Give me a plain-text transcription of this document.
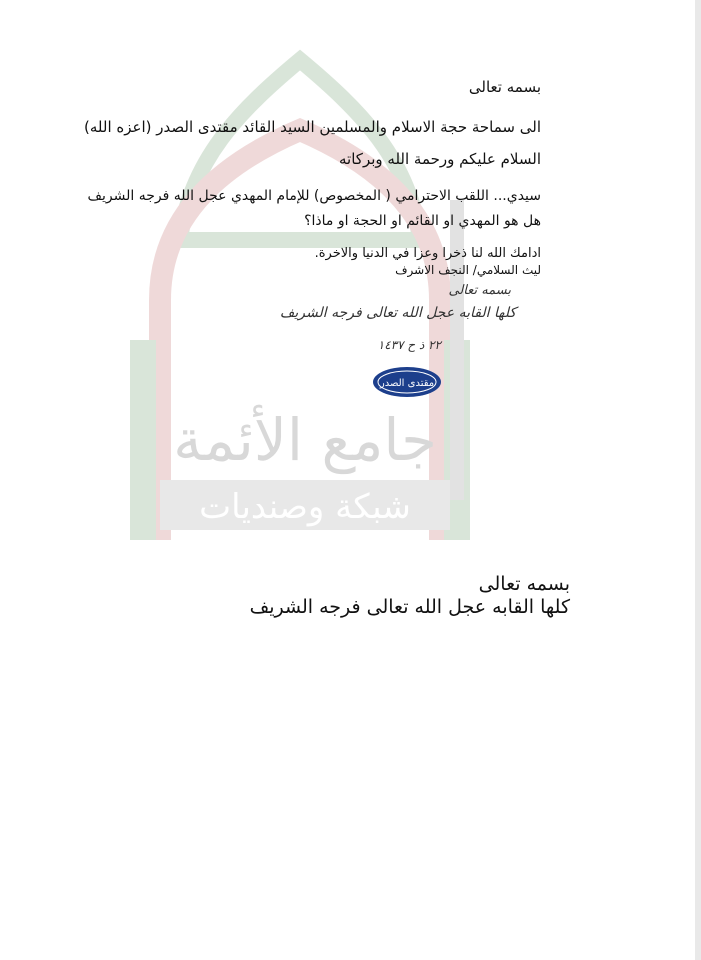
جامع الأئمة
شبكة وصنديات
بسمه تعالى
الى سماحة حجة الاسلام والمسلمين السيد القائد مقتدى الصدر (اعزه الله)
السلام عليكم ورحمة الله وبركاته
سيدي... اللقب الاحترامي ( المخصوص) للإمام المهدي عجل الله فرجه الشريف
هل هو المهدي او القائم او الحجة او ماذا؟
ادامك الله لنا ذخرا وعزا في الدنيا والاخرة.
ليث السلامي/ النجف الاشرف
بسمه تعالى
كلها القابه عجل الله تعالى فرجه الشريف
٢٢ ذ ح ١٤٣٧
مقتدى الصدر
بسمه تعالى
كلها القابه عجل الله تعالى فرجه الشريف
